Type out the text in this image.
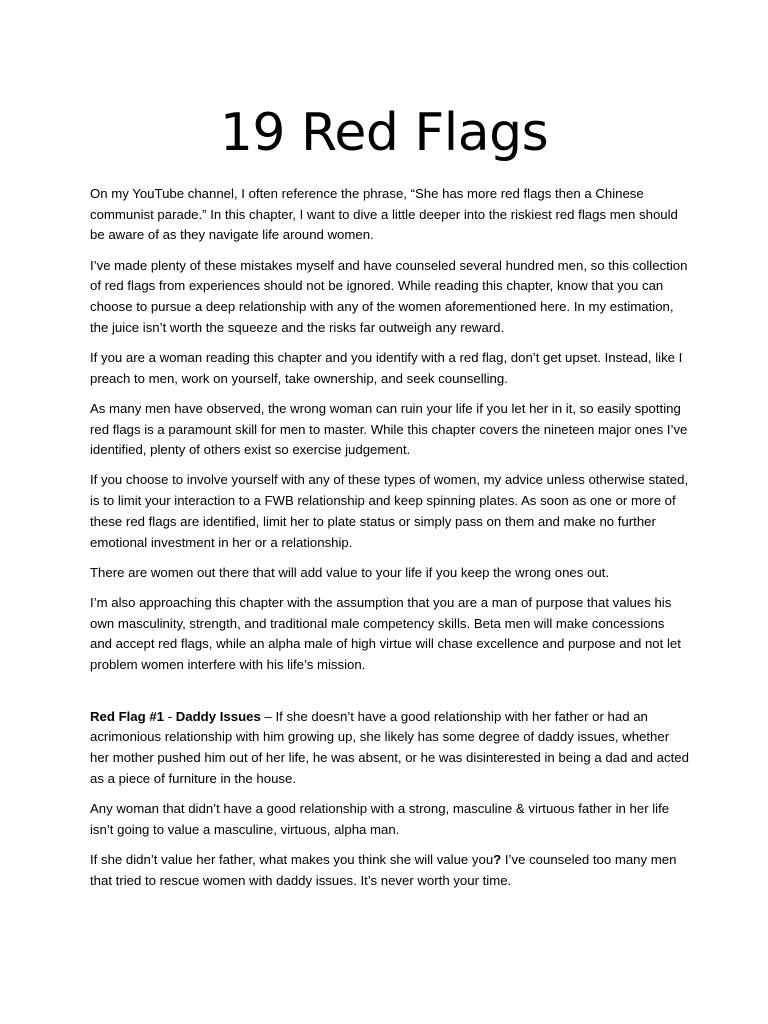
19 Red Flags

On my YouTube channel, I often reference the phrase, “She has more red flags then a Chinese communist parade.” In this chapter, I want to dive a little deeper into the riskiest red flags men should be aware of as they navigate life around women.

I’ve made plenty of these mistakes myself and have counseled several hundred men, so this collection of red flags from experiences should not be ignored. While reading this chapter, know that you can choose to pursue a deep relationship with any of the women aforementioned here. In my estimation, the juice isn’t worth the squeeze and the risks far outweigh any reward.

If you are a woman reading this chapter and you identify with a red flag, don’t get upset. Instead, like I preach to men, work on yourself, take ownership, and seek counselling.

As many men have observed, the wrong woman can ruin your life if you let her in it, so easily spotting red flags is a paramount skill for men to master. While this chapter covers the nineteen major ones I’ve identified, plenty of others exist so exercise judgement.

If you choose to involve yourself with any of these types of women, my advice unless otherwise stated, is to limit your interaction to a FWB relationship and keep spinning plates. As soon as one or more of these red flags are identified, limit her to plate status or simply pass on them and make no further emotional investment in her or a relationship.

There are women out there that will add value to your life if you keep the wrong ones out.

I’m also approaching this chapter with the assumption that you are a man of purpose that values his own masculinity, strength, and traditional male competency skills. Beta men will make concessions and accept red flags, while an alpha male of high virtue will chase excellence and purpose and not let problem women interfere with his life’s mission.

Red Flag #1 - Daddy Issues – If she doesn’t have a good relationship with her father or had an acrimonious relationship with him growing up, she likely has some degree of daddy issues, whether her mother pushed him out of her life, he was absent, or he was disinterested in being a dad and acted as a piece of furniture in the house.

Any woman that didn’t have a good relationship with a strong, masculine & virtuous father in her life isn’t going to value a masculine, virtuous, alpha man.

If she didn’t value her father, what makes you think she will value you? I’ve counseled too many men that tried to rescue women with daddy issues. It’s never worth your time.
